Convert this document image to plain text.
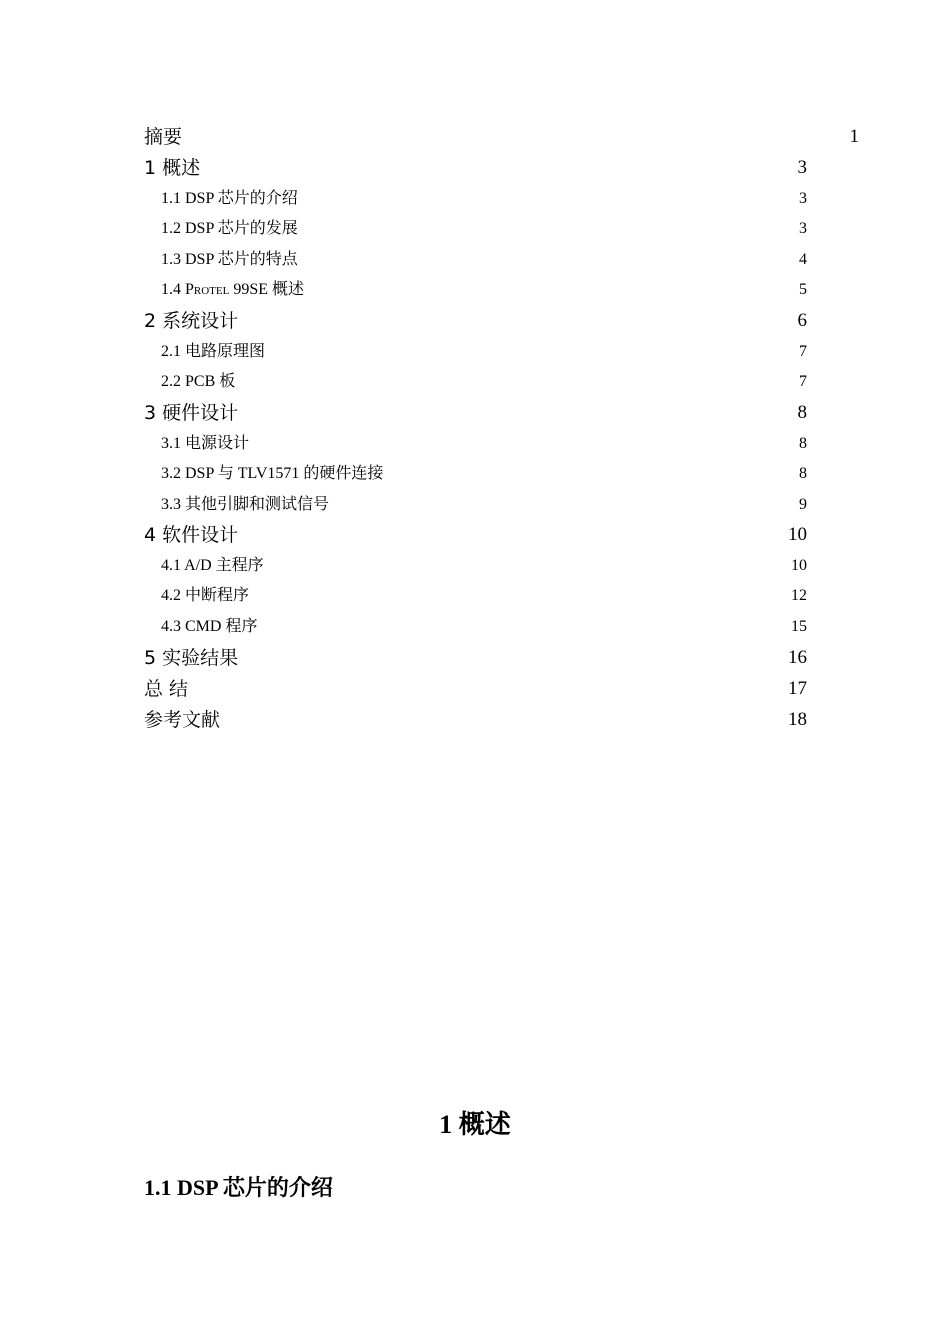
摘要	1
1 概述	3
1.1 DSP 芯片的介绍	3
1.2 DSP 芯片的发展	3
1.3 DSP 芯片的特点	4
1.4 Protel 99SE 概述	5
2 系统设计	6
2.1 电路原理图	7
2.2 PCB 板	7
3 硬件设计	8
3.1 电源设计	8
3.2 DSP 与 TLV1571 的硬件连接	8
3.3 其他引脚和测试信号	9
4 软件设计	10
4.1 A/D 主程序	10
4.2 中断程序	12
4.3 CMD 程序	15
5 实验结果	16
总 结	17
参考文献	18
1 概述
1.1 DSP 芯片的介绍
